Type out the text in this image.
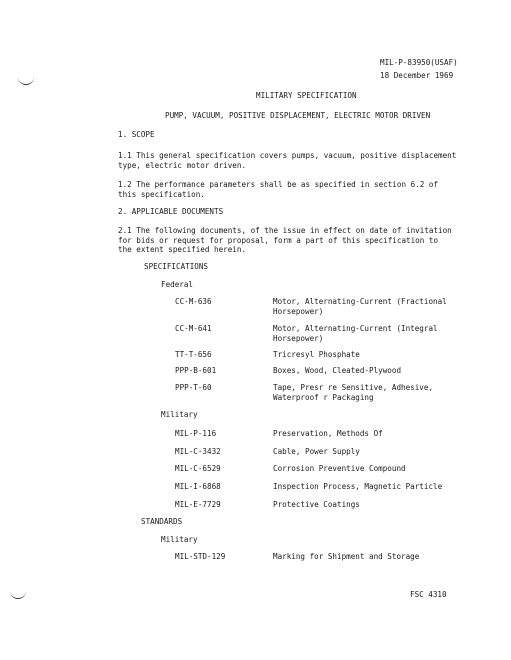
MIL-P-83950(USAF)
18 December 1969
MILITARY SPECIFICATION
PUMP, VACUUM, POSITIVE DISPLACEMENT, ELECTRIC MOTOR DRIVEN
1. SCOPE
1.1 This general specification covers pumps, vacuum, positive displacement
type, electric motor driven.
1.2 The performance parameters shall be as specified in section 6.2 of
this specification.
2. APPLICABLE DOCUMENTS
2.1 The following documents, of the issue in effect on date of invitation
for bids or request for proposal, form a part of this specification to
the extent specified herein.
SPECIFICATIONS
Federal
CC-M-636	Motor, Alternating-Current (Fractional
Horsepower)
CC-M-641	Motor, Alternating-Current (Integral
Horsepower)
TT-T-656	Tricresyl Phosphate
PPP-B-601	Boxes, Wood, Cleated-Plywood
PPP-T-60	Tape, Presr re Sensitive, Adhesive,
Waterproof r Packaging
Military
MIL-P-116	Preservation, Methods Of
MIL-C-3432	Cable, Power Supply
MIL-C-6529	Corrosion Preventive Compound
MIL-I-6868	Inspection Process, Magnetic Particle
MIL-E-7729	Protective Coatings
STANDARDS
Military
MIL-STD-129	Marking for Shipment and Storage
FSC 4310
